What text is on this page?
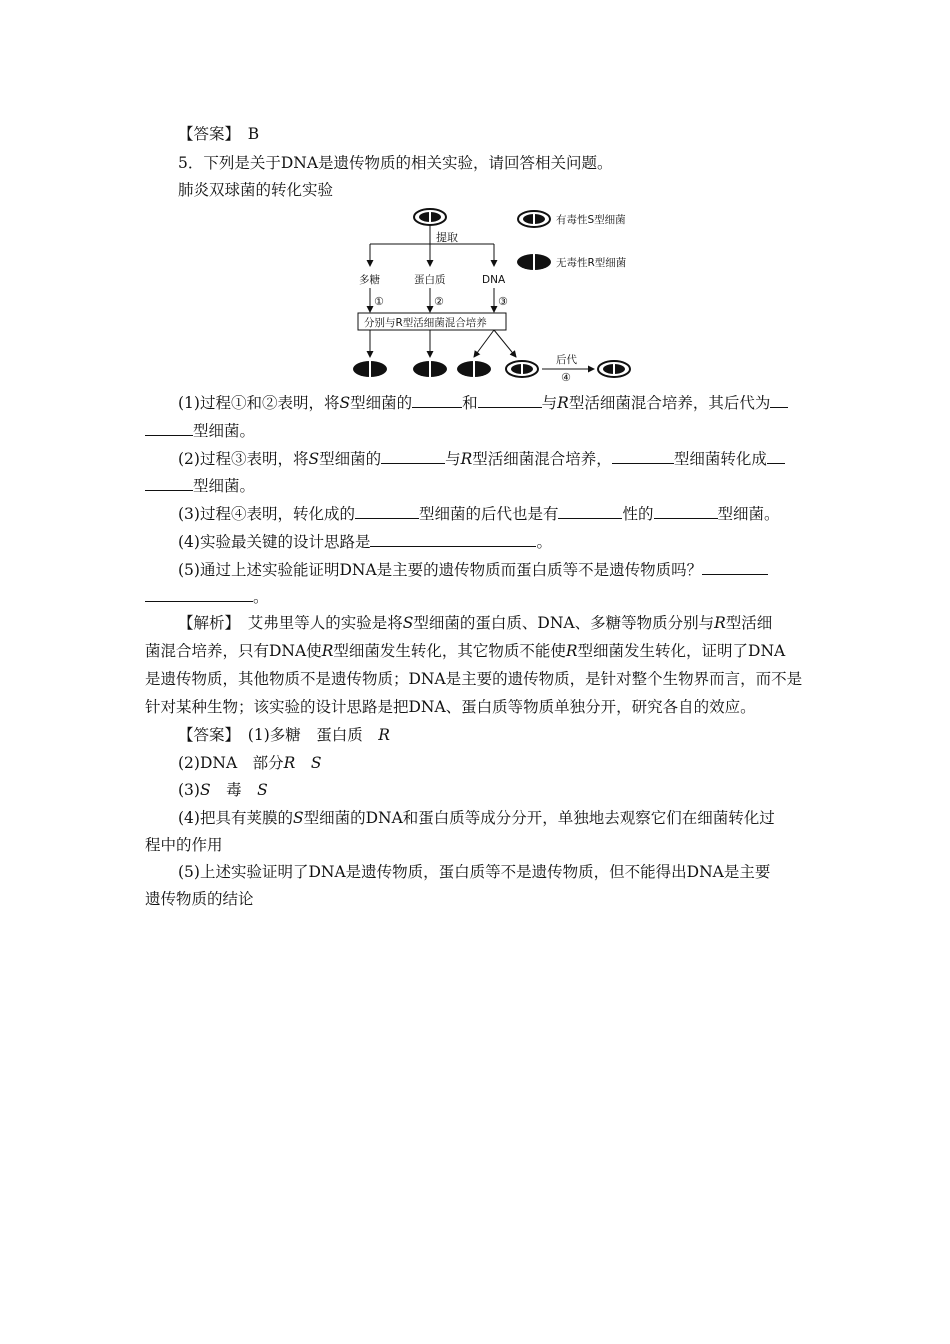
【答案】　 B
5．下列是关于DNA是遗传物质的相关实验，请回答相关问题。
肺炎双球菌的转化实验
提取
多糖	蛋白质	DNA
①	②	③
分别与R型活细菌混合培养
后代
④
有毒性S型细菌
无毒性R型细菌
(1)过程①和②表明，将S型细菌的	和	与R型活细菌混合培养，其后代为
型细菌。
(2)过程③表明，将S型细菌的	与R型活细菌混合培养，	型细菌转化成
型细菌。
(3)过程④表明，转化成的	型细菌的后代也是有	性的	型细菌。
(4)实验最关键的设计思路是	。
(5)通过上述实验能证明DNA是主要的遗传物质而蛋白质等不是遗传物质吗？
。
【解析】　 艾弗里等人的实验是将S型细菌的蛋白质、DNA、多糖等物质分别与R型活细
菌混合培养，只有DNA使R型细菌发生转化，其它物质不能使R型细菌发生转化，证明了DNA
是遗传物质，其他物质不是遗传物质；DNA是主要的遗传物质，是针对整个生物界而言，而不是
针对某种生物；该实验的设计思路是把DNA、蛋白质等物质单独分开，研究各自的效应。
【答案】　 (1)多糖　蛋白质　R
(2)DNA　部分R　 S
(3)S　 毒　 S
(4)把具有荚膜的S型细菌的DNA和蛋白质等成分分开，单独地去观察它们在细菌转化过
程中的作用
(5)上述实验证明了DNA是遗传物质，蛋白质等不是遗传物质，但不能得出DNA是主要
遗传物质的结论
